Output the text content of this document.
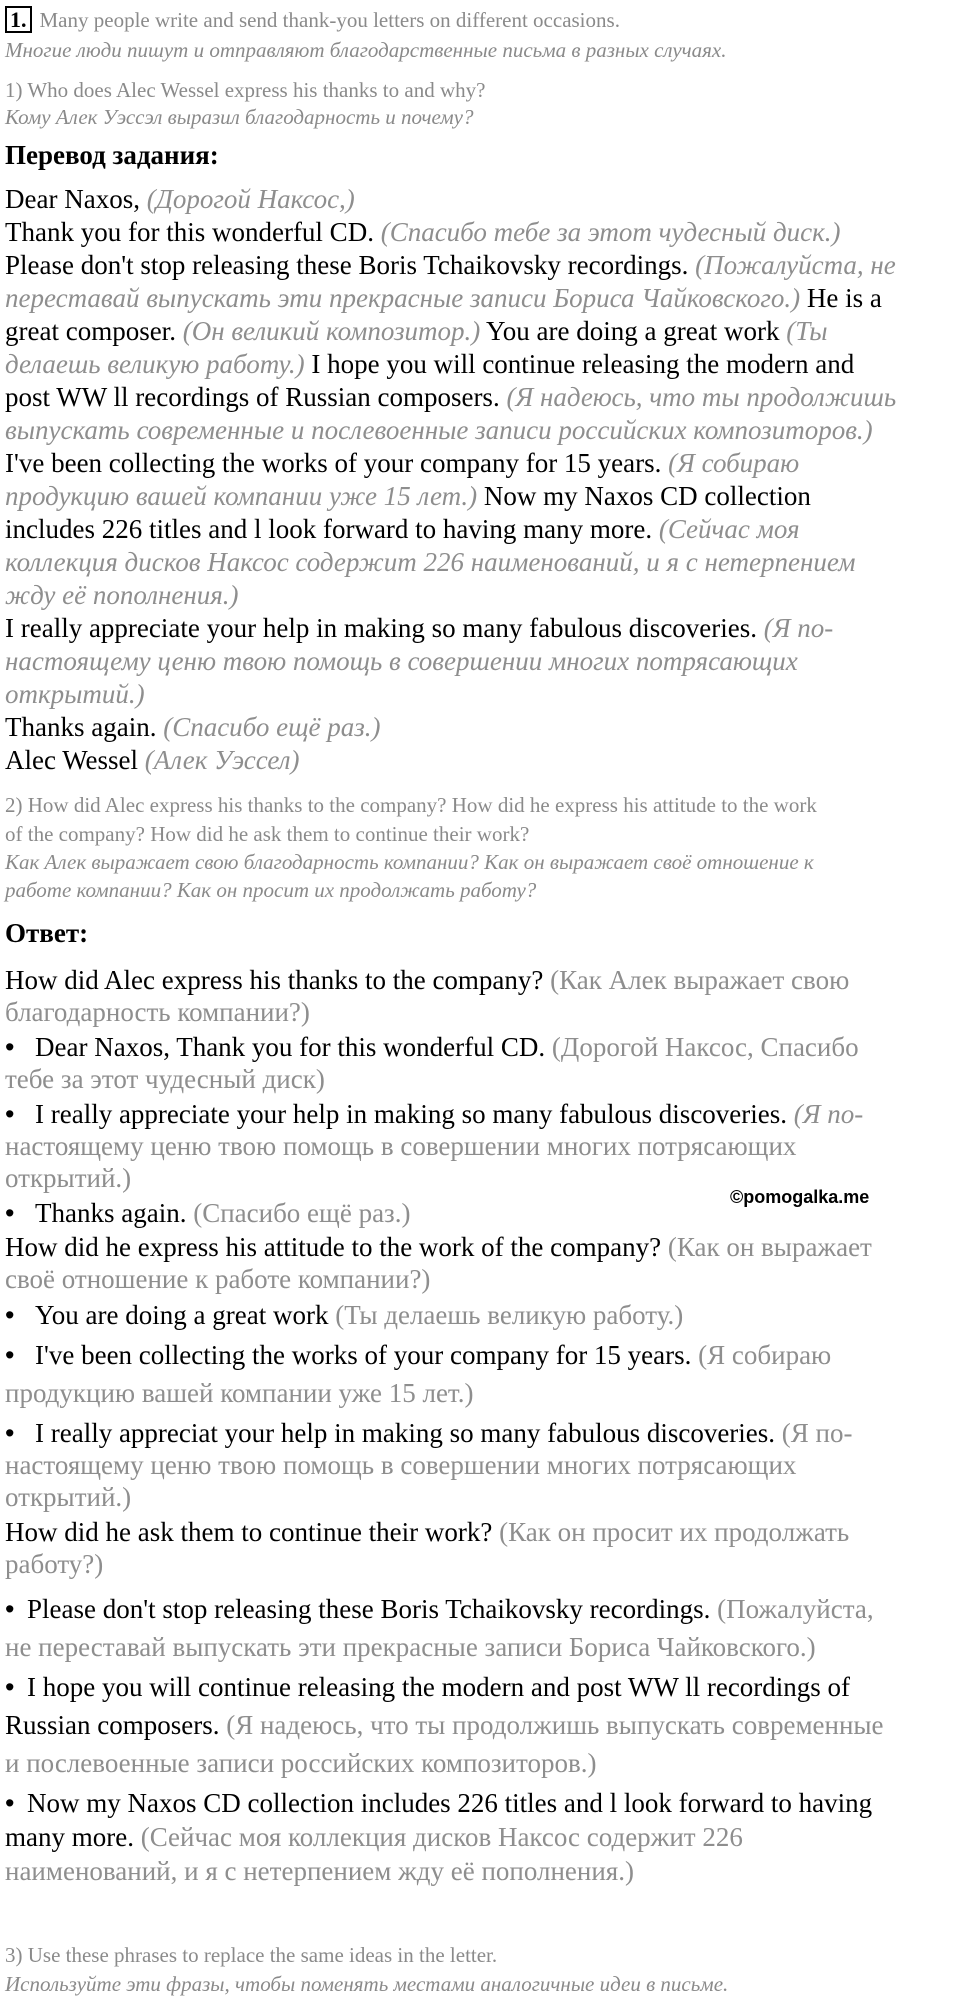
1. Many people write and send thank-you letters on different occasions.
Многие люди пишут и отправляют благодарственные письма в разных случаях.
1) Who does Alec Wessel express his thanks to and why?
Кому Алек Уэссэл выразил благодарность и почему?
Перевод задания:
Dear Naxos, (Дорогой Наксос,)
Thank you for this wonderful CD. (Спасибо тебе за этот чудесный диск.)
Please don't stop releasing these Boris Tchaikovsky recordings. (Пожалуйста, не
переставай выпускать эти прекрасные записи Бориса Чайковского.) He is a
great composer. (Он великий композитор.) You are doing a great work (Ты
делаешь великую работу.) I hope you will continue releasing the modern and
post WW ll recordings of Russian composers. (Я надеюсь, что ты продолжишь
выпускать современные и послевоенные записи российских композиторов.)
I've been collecting the works of your company for 15 years. (Я собираю
продукцию вашей компании уже 15 лет.) Now my Naxos CD collection
includes 226 titles and l look forward to having many more. (Сейчас моя
коллекция дисков Наксос содержит 226 наименований, и я с нетерпением
жду её пополнения.)
I really appreciate your help in making so many fabulous discoveries. (Я по-
настоящему ценю твою помощь в совершении многих потрясающих
открытий.)
Thanks again. (Спасибо ещё раз.)
Alec Wessel (Алек Уэссел)
2) How did Alec express his thanks to the company? How did he express his attitude to the work
of the company? How did he ask them to continue their work?
Как Алек выражает свою благодарность компании? Как он выражает своё отношение к
работе компании? Как он просит их продолжать работу?
Ответ:
How did Alec express his thanks to the company? (Как Алек выражает свою
благодарность компании?)
• Dear Naxos, Thank you for this wonderful CD. (Дорогой Наксос, Спасибо
тебе за этот чудесный диск)
• I really appreciate your help in making so many fabulous discoveries. (Я по-
настоящему ценю твою помощь в совершении многих потрясающих
открытий.)
• Thanks again. (Спасибо ещё раз.)
©pomogalka.me
How did he express his attitude to the work of the company? (Как он выражает
своё отношение к работе компании?)
• You are doing a great work (Ты делаешь великую работу.)
• I've been collecting the works of your company for 15 years. (Я собираю
продукцию вашей компании уже 15 лет.)
• I really appreciat your help in making so many fabulous discoveries. (Я по-
настоящему ценю твою помощь в совершении многих потрясающих
открытий.)
How did he ask them to continue their work? (Как он просит их продолжать
работу?)
• Please don't stop releasing these Boris Tchaikovsky recordings. (Пожалуйста,
не переставай выпускать эти прекрасные записи Бориса Чайковского.)
• I hope you will continue releasing the modern and post WW ll recordings of
Russian composers. (Я надеюсь, что ты продолжишь выпускать современные
и послевоенные записи российских композиторов.)
• Now my Naxos CD collection includes 226 titles and l look forward to having
many more. (Сейчас моя коллекция дисков Наксос содержит 226
наименований, и я с нетерпением жду её пополнения.)
3) Use these phrases to replace the same ideas in the letter.
Используйте эти фразы, чтобы поменять местами аналогичные идеи в письме.
